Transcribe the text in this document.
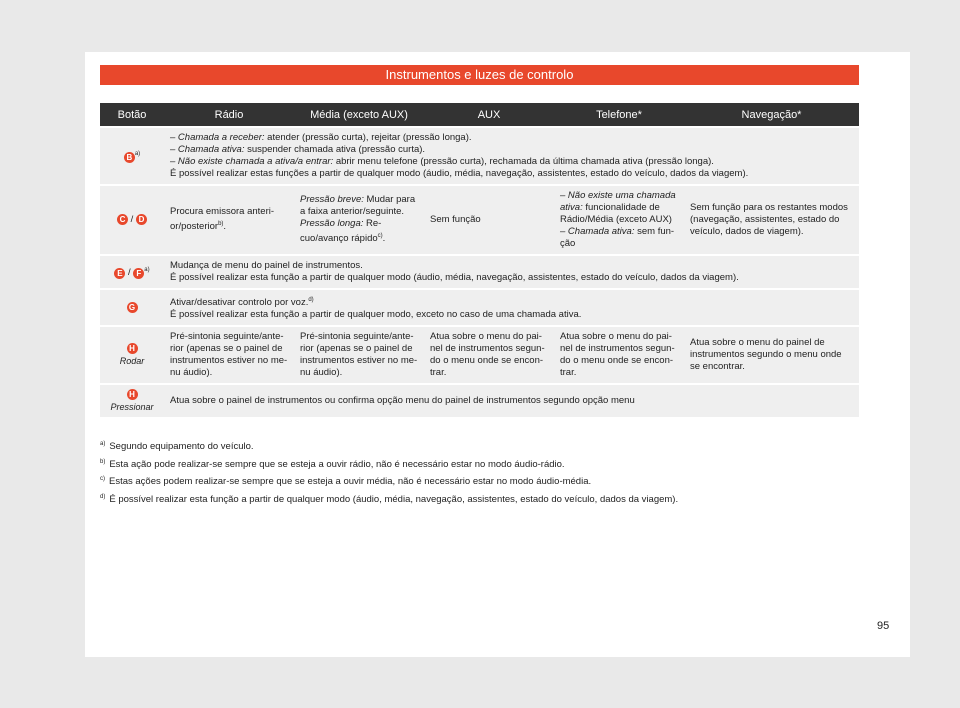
Instrumentos e luzes de controlo
Botão	Rádio	Média (exceto AUX)	AUX	Telefone*	Navegação*
B $^{a)}$	– Chamada a receber: atender (pressão curta), rejeitar (pressão longa).
– Chamada ativa: suspender chamada ativa (pressão curta).
– Não existe chamada a ativa/a entrar: abrir menu telefone (pressão curta), rechamada da última chamada ativa (pressão longa).
É possível realizar estas funções a partir de qualquer modo (áudio, média, navegação, assistentes, estado do veículo, dados da viagem).				

C / D	Procura emissora anterior/posterior$^{b)}$.	Pressão breve: Mudar para a faixa anterior/seguinte.
Pressão longa: Recuo/avanço rápido$^{c)}$.	Sem função	– Não existe uma chamada ativa: funcionalidade de Rádio/Média (exceto AUX)
– Chamada ativa: sem função	Sem função para os restantes modos (navegação, assistentes, estado do veículo, dados de viagem).
E / F $^{a)}$	Mudança de menu do painel de instrumentos.
É possível realizar esta função a partir de qualquer modo (áudio, média, navegação, assistentes, estado do veículo, dados da viagem).				

G	Ativar/desativar controlo por voz.$^{d)}$
É possível realizar esta função a partir de qualquer modo, exceto no caso de uma chamada ativa.				

H
Rodar	Pré-sintonia seguinte/anterior (apenas se o painel de instrumentos estiver no menu áudio).	Pré-sintonia seguinte/anterior (apenas se o painel de instrumentos estiver no menu áudio).	Atua sobre o menu do painel de instrumentos segundo o menu onde se encontrar.	Atua sobre o menu do painel de instrumentos segundo o menu onde se encontrar.	Atua sobre o menu do painel de instrumentos segundo o menu onde se encontrar.
H
Pressionar	Atua sobre o painel de instrumentos ou confirma opção menu do painel de instrumentos segundo opção menu				
$^{a)}$ Segundo equipamento do veículo.
$^{b)}$ Esta ação pode realizar-se sempre que se esteja a ouvir rádio, não é necessário estar no modo áudio-rádio.
$^{c)}$ Estas ações podem realizar-se sempre que se esteja a ouvir média, não é necessário estar no modo áudio-média.
$^{d)}$ É possível realizar esta função a partir de qualquer modo (áudio, média, navegação, assistentes, estado do veículo, dados da viagem).
95
